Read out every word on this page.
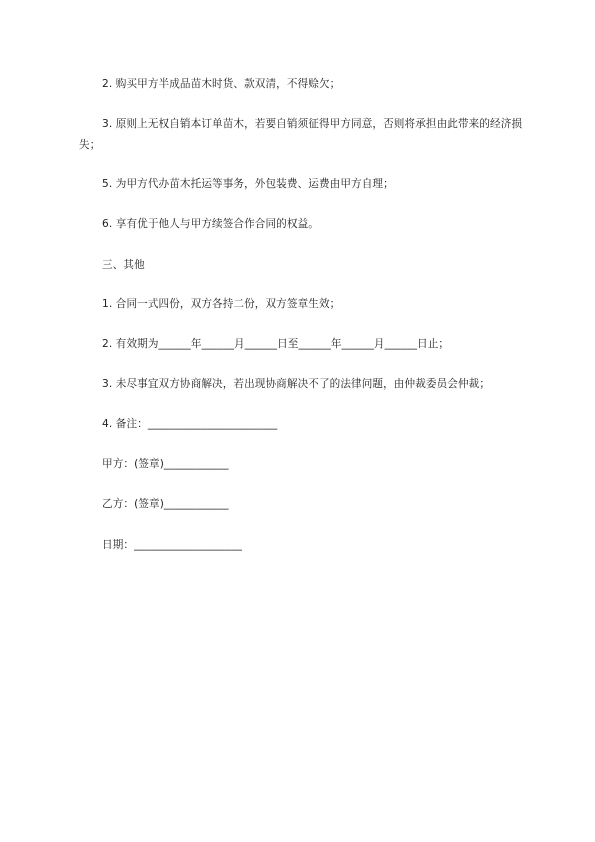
2. 购买甲方半成品苗木时货、款双清，不得赊欠；
3. 原则上无权自销本订单苗木，若要自销须征得甲方同意，否则将承担由此带来的经济损失；
5. 为甲方代办苗木托运等事务，外包装费、运费由甲方自理；
6. 享有优于他人与甲方续签合作合同的权益。
三、其他
1. 合同一式四份，双方各持二份，双方签章生效；
2. 有效期为______年______月______日至______年______月______日止；
3. 未尽事宜双方协商解决，若出现协商解决不了的法律问题，由仲裁委员会仲裁；
4. 备注：________________________
甲方：(签章)____________
乙方：(签章)____________
日期：____________________
